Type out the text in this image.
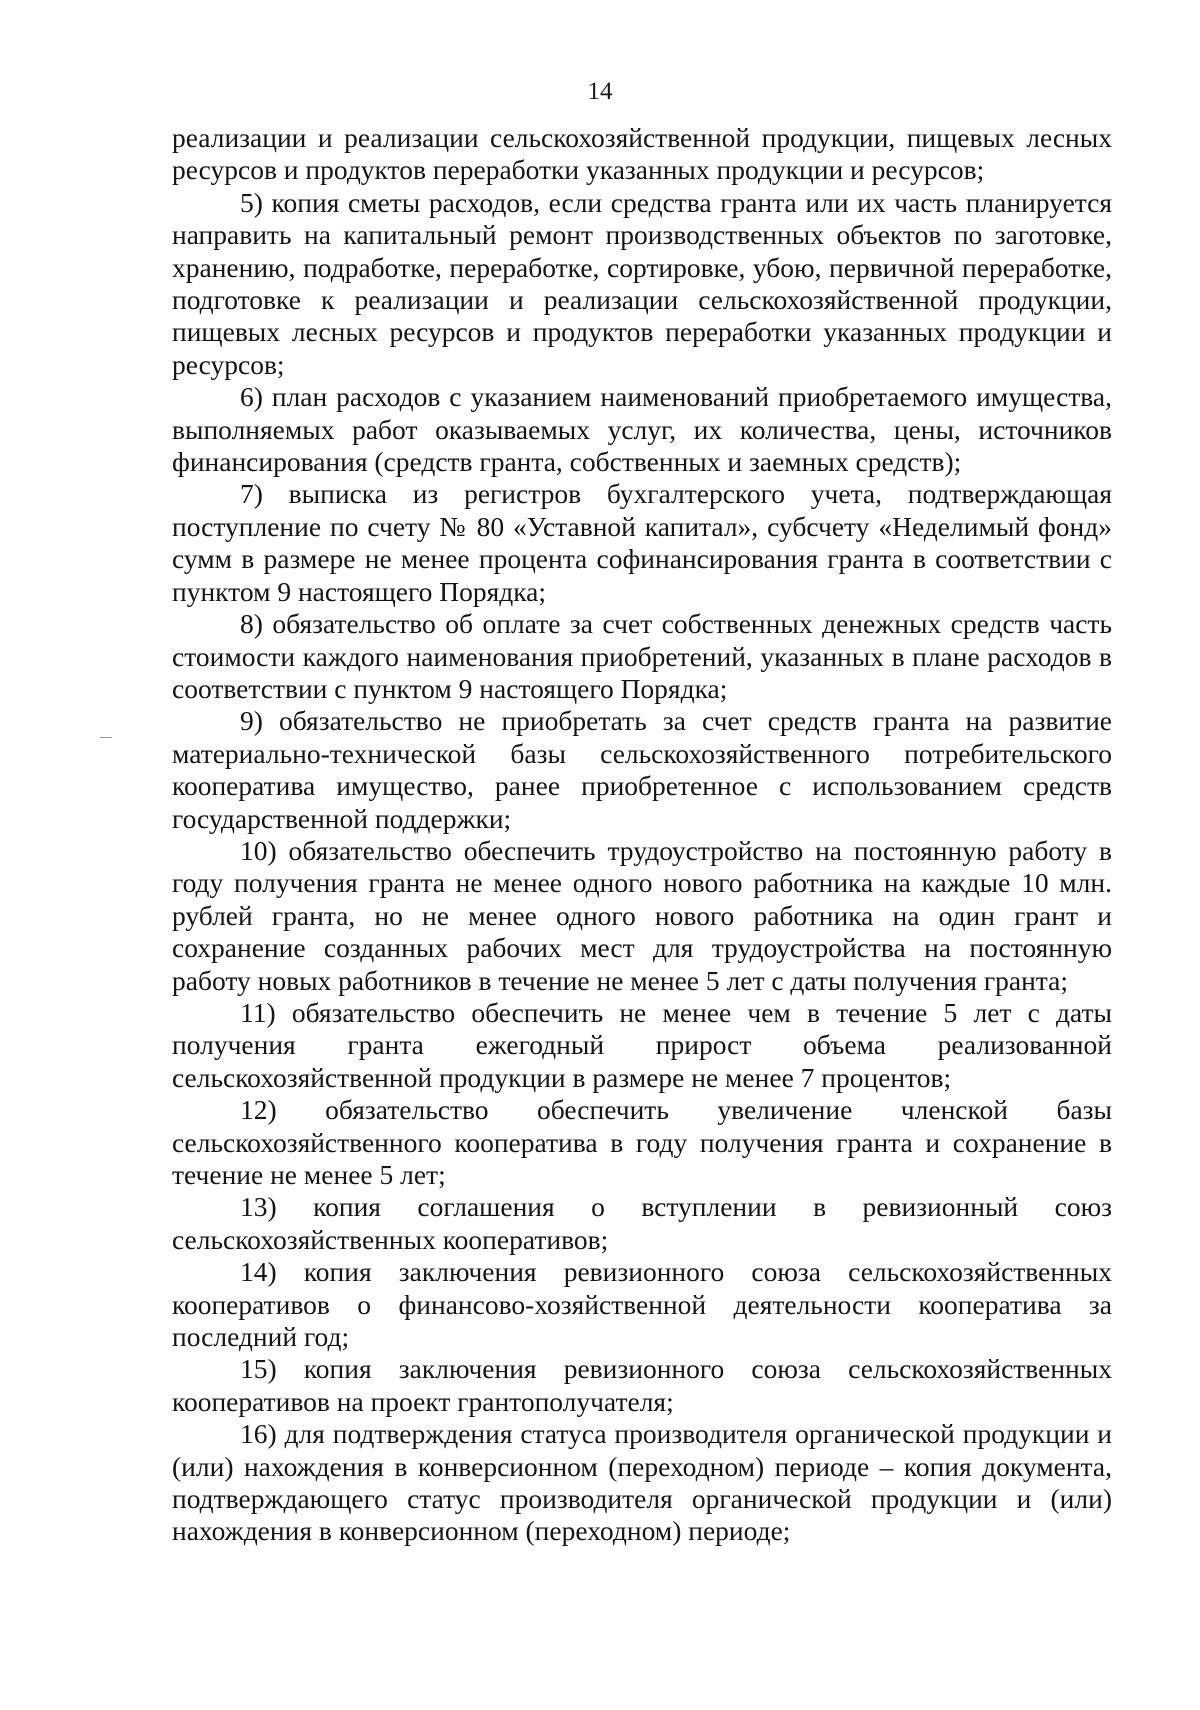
14

реализации и реализации сельскохозяйственной продукции, пищевых лесных ресурсов и продуктов переработки указанных продукции и ресурсов;

5) копия сметы расходов, если средства гранта или их часть планируется направить на капитальный ремонт производственных объектов по заготовке, хранению, подработке, переработке, сортировке, убою, первичной переработке, подготовке к реализации и реализации сельскохозяйственной продукции, пищевых лесных ресурсов и продуктов переработки указанных продукции и ресурсов;

6) план расходов с указанием наименований приобретаемого имущества, выполняемых работ оказываемых услуг, их количества, цены, источников финансирования (средств гранта, собственных и заемных средств);

7) выписка из регистров бухгалтерского учета, подтверждающая поступление по счету № 80 «Уставной капитал», субсчету «Неделимый фонд» сумм в размере не менее процента софинансирования гранта в соответствии с пунктом 9 настоящего Порядка;

8) обязательство об оплате за счет собственных денежных средств часть стоимости каждого наименования приобретений, указанных в плане расходов в соответствии с пунктом 9 настоящего Порядка;

9) обязательство не приобретать за счет средств гранта на развитие материально-технической базы сельскохозяйственного потребительского кооператива имущество, ранее приобретенное с использованием средств государственной поддержки;

10) обязательство обеспечить трудоустройство на постоянную работу в году получения гранта не менее одного нового работника на каждые 10 млн. рублей гранта, но не менее одного нового работника на один грант и сохранение созданных рабочих мест для трудоустройства на постоянную работу новых работников в течение не менее 5 лет с даты получения гранта;

11) обязательство обеспечить не менее чем в течение 5 лет с даты получения гранта ежегодный прирост объема реализованной сельскохозяйственной продукции в размере не менее 7 процентов;

12) обязательство обеспечить увеличение членской базы сельскохозяйственного кооператива в году получения гранта и сохранение в течение не менее 5 лет;

13) копия соглашения о вступлении в ревизионный союз сельскохозяйственных кооперативов;

14) копия заключения ревизионного союза сельскохозяйственных кооперативов о финансово-хозяйственной деятельности кооператива за последний год;

15) копия заключения ревизионного союза сельскохозяйственных кооперативов на проект грантополучателя;

16) для подтверждения статуса производителя органической продукции и (или) нахождения в конверсионном (переходном) периоде – копия документа, подтверждающего статус производителя органической продукции и (или) нахождения в конверсионном (переходном) периоде;
